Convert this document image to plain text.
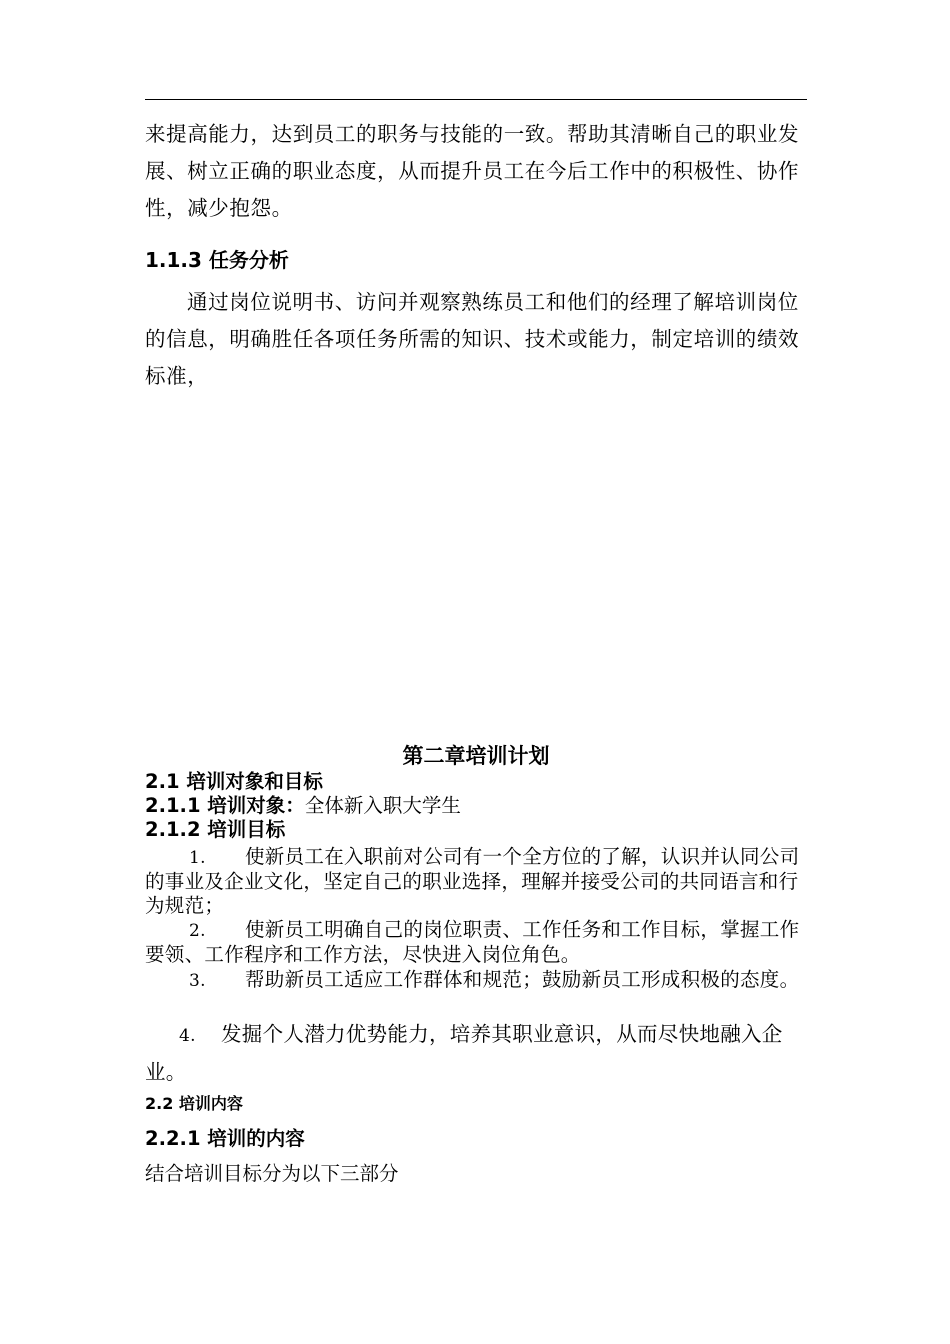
来提高能力，达到员工的职务与技能的一致。帮助其清晰自己的职业发展、树立正确的职业态度，从而提升员工在今后工作中的积极性、协作性，减少抱怨。

1.1.3 任务分析

通过岗位说明书、访问并观察熟练员工和他们的经理了解培训岗位的信息，明确胜任各项任务所需的知识、技术或能力，制定培训的绩效标准，

第二章培训计划

2.1 培训对象和目标

2.1.1 培训对象：全体新入职大学生

2.1.2 培训目标

1. 使新员工在入职前对公司有一个全方位的了解，认识并认同公司的事业及企业文化，坚定自己的职业选择，理解并接受公司的共同语言和行为规范；

2. 使新员工明确自己的岗位职责、工作任务和工作目标，掌握工作要领、工作程序和工作方法，尽快进入岗位角色。

3. 帮助新员工适应工作群体和规范；鼓励新员工形成积极的态度。

4. 发掘个人潜力优势能力，培养其职业意识，从而尽快地融入企业。

2.2 培训内容

2.2.1 培训的内容

结合培训目标分为以下三部分
